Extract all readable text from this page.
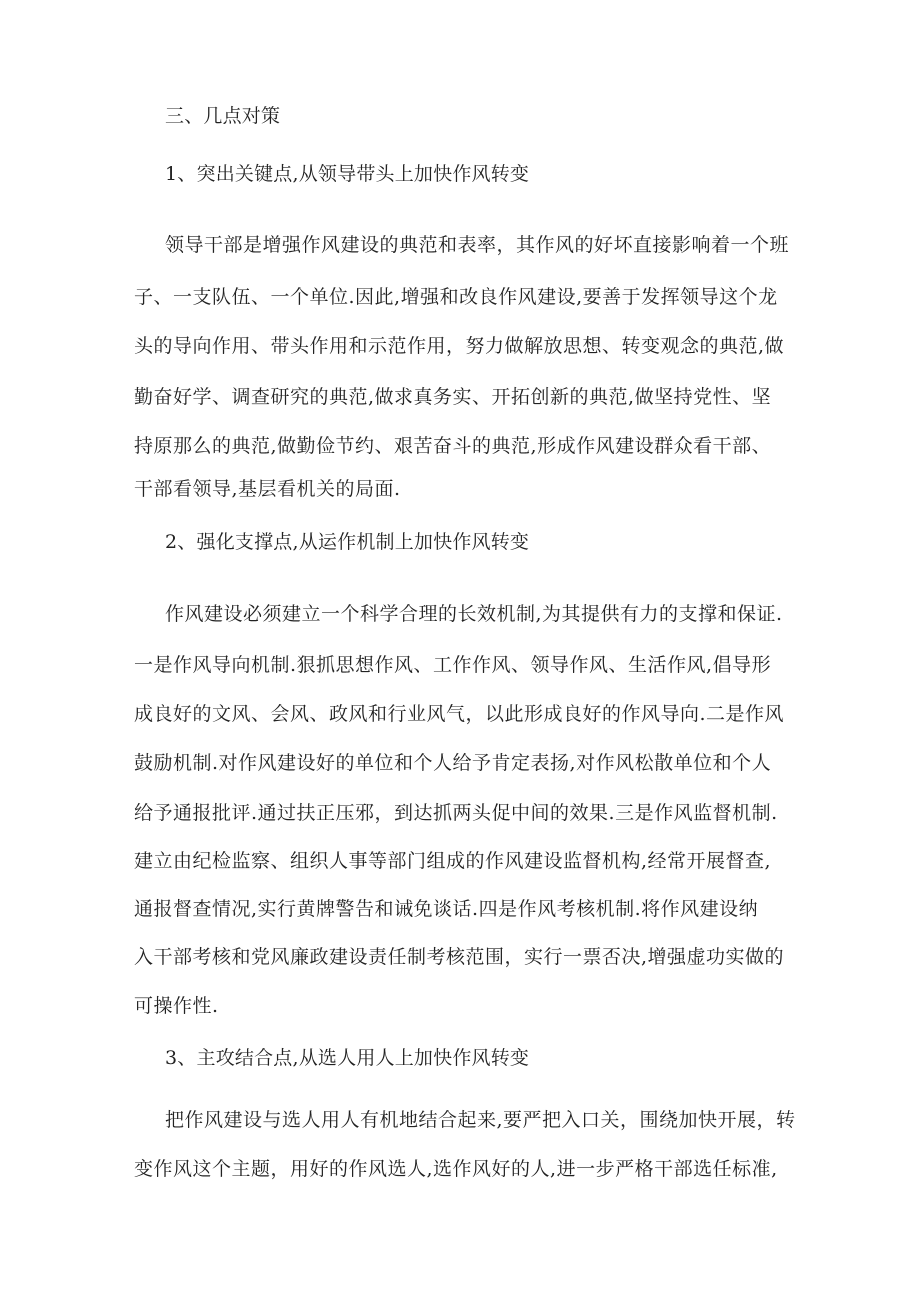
三、几点对策
1、突出关键点,从领导带头上加快作风转变
领导干部是增强作风建设的典范和表率，其作风的好坏直接影响着一个班
子、一支队伍、一个单位.因此,增强和改良作风建设,要善于发挥领导这个龙
头的导向作用、带头作用和示范作用，努力做解放思想、转变观念的典范,做
勤奋好学、调查研究的典范,做求真务实、开拓创新的典范,做坚持党性、坚
持原那么的典范,做勤俭节约、艰苦奋斗的典范,形成作风建设群众看干部、
干部看领导,基层看机关的局面.
2、强化支撑点,从运作机制上加快作风转变
作风建设必须建立一个科学合理的长效机制,为其提供有力的支撑和保证.
一是作风导向机制.狠抓思想作风、工作作风、领导作风、生活作风,倡导形
成良好的文风、会风、政风和行业风气，以此形成良好的作风导向.二是作风
鼓励机制.对作风建设好的单位和个人给予肯定表扬,对作风松散单位和个人
给予通报批评.通过扶正压邪，到达抓两头促中间的效果.三是作风监督机制.
建立由纪检监察、组织人事等部门组成的作风建设监督机构,经常开展督查,
通报督查情况,实行黄牌警告和诫免谈话.四是作风考核机制.将作风建设纳
入干部考核和党风廉政建设责任制考核范围，实行一票否决,增强虚功实做的
可操作性.
3、主攻结合点,从选人用人上加快作风转变
把作风建设与选人用人有机地结合起来,要严把入口关，围绕加快开展，转
变作风这个主题，用好的作风选人,选作风好的人,进一步严格干部选任标准,
